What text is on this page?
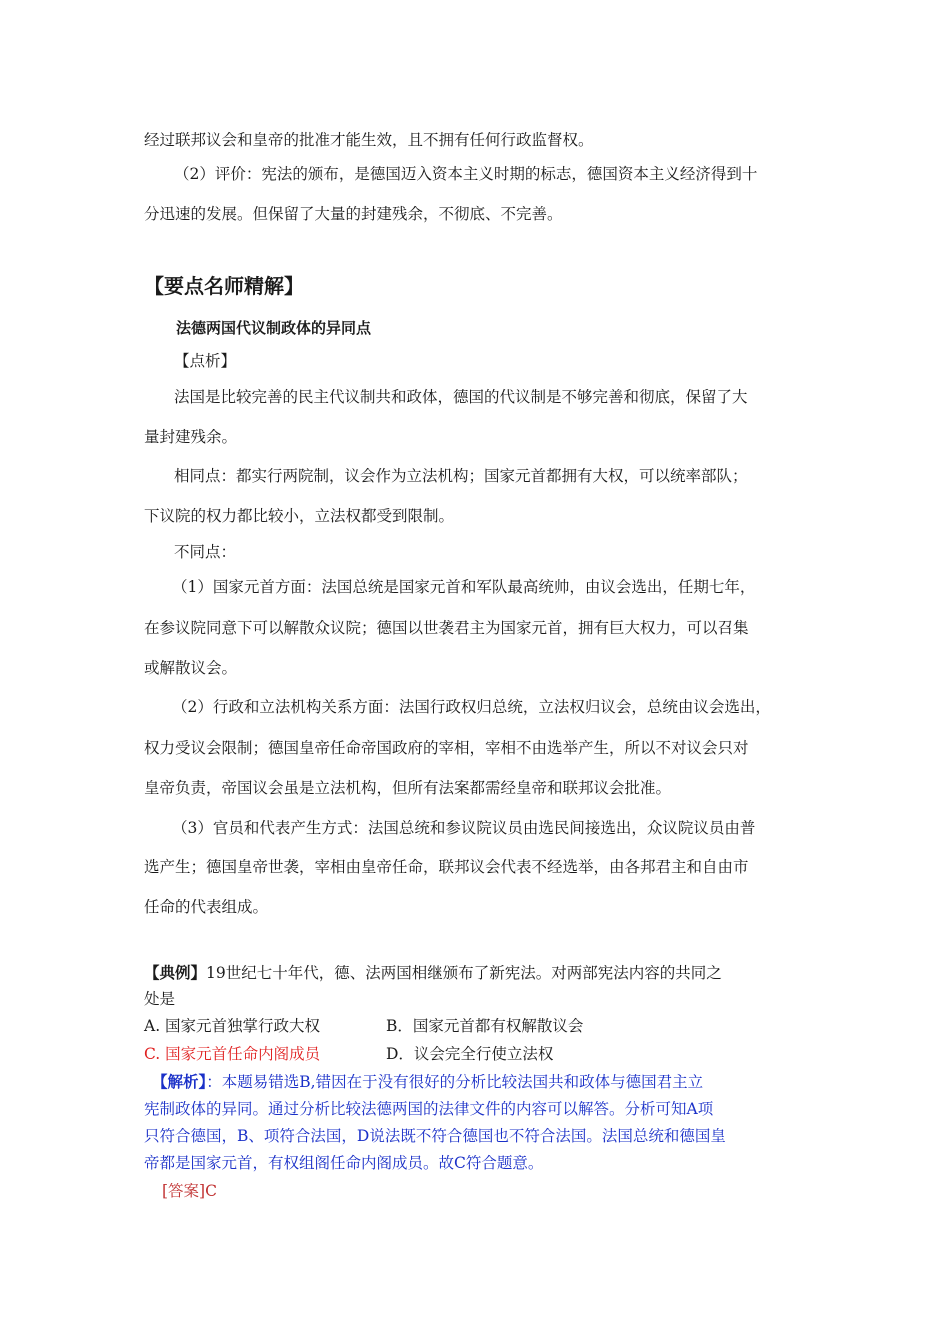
经过联邦议会和皇帝的批准才能生效，且不拥有任何行政监督权。
（2）评价：宪法的颁布，是德国迈入资本主义时期的标志，德国资本主义经济得到十
分迅速的发展。但保留了大量的封建残余，不彻底、不完善。
【要点名师精解】
法德两国代议制政体的异同点
【点析】
法国是比较完善的民主代议制共和政体，德国的代议制是不够完善和彻底，保留了大
量封建残余。
相同点：都实行两院制，议会作为立法机构；国家元首都拥有大权，可以统率部队；
下议院的权力都比较小，立法权都受到限制。
不同点：
（1）国家元首方面：法国总统是国家元首和军队最高统帅，由议会选出，任期七年，
在参议院同意下可以解散众议院；德国以世袭君主为国家元首，拥有巨大权力，可以召集
或解散议会。
（2）行政和立法机构关系方面：法国行政权归总统，立法权归议会，总统由议会选出，
权力受议会限制；德国皇帝任命帝国政府的宰相，宰相不由选举产生，所以不对议会只对
皇帝负责，帝国议会虽是立法机构，但所有法案都需经皇帝和联邦议会批准。
（3）官员和代表产生方式：法国总统和参议院议员由选民间接选出，众议院议员由普
选产生；德国皇帝世袭，宰相由皇帝任命，联邦议会代表不经选举，由各邦君主和自由市
任命的代表组成。
【典例】19世纪七十年代，德、法两国相继颁布了新宪法。对两部宪法内容的共同之
处是
A. 国家元首独掌行政大权	B．国家元首都有权解散议会
C. 国家元首任命内阁成员	D．议会完全行使立法权
【解析】：本题易错选B,错因在于没有很好的分析比较法国共和政体与德国君主立
宪制政体的异同。通过分析比较法德两国的法律文件的内容可以解答。分析可知A项
只符合德国，B、项符合法国，D说法既不符合德国也不符合法国。法国总统和德国皇
帝都是国家元首，有权组阁任命内阁成员。故C符合题意。
[答案]C
